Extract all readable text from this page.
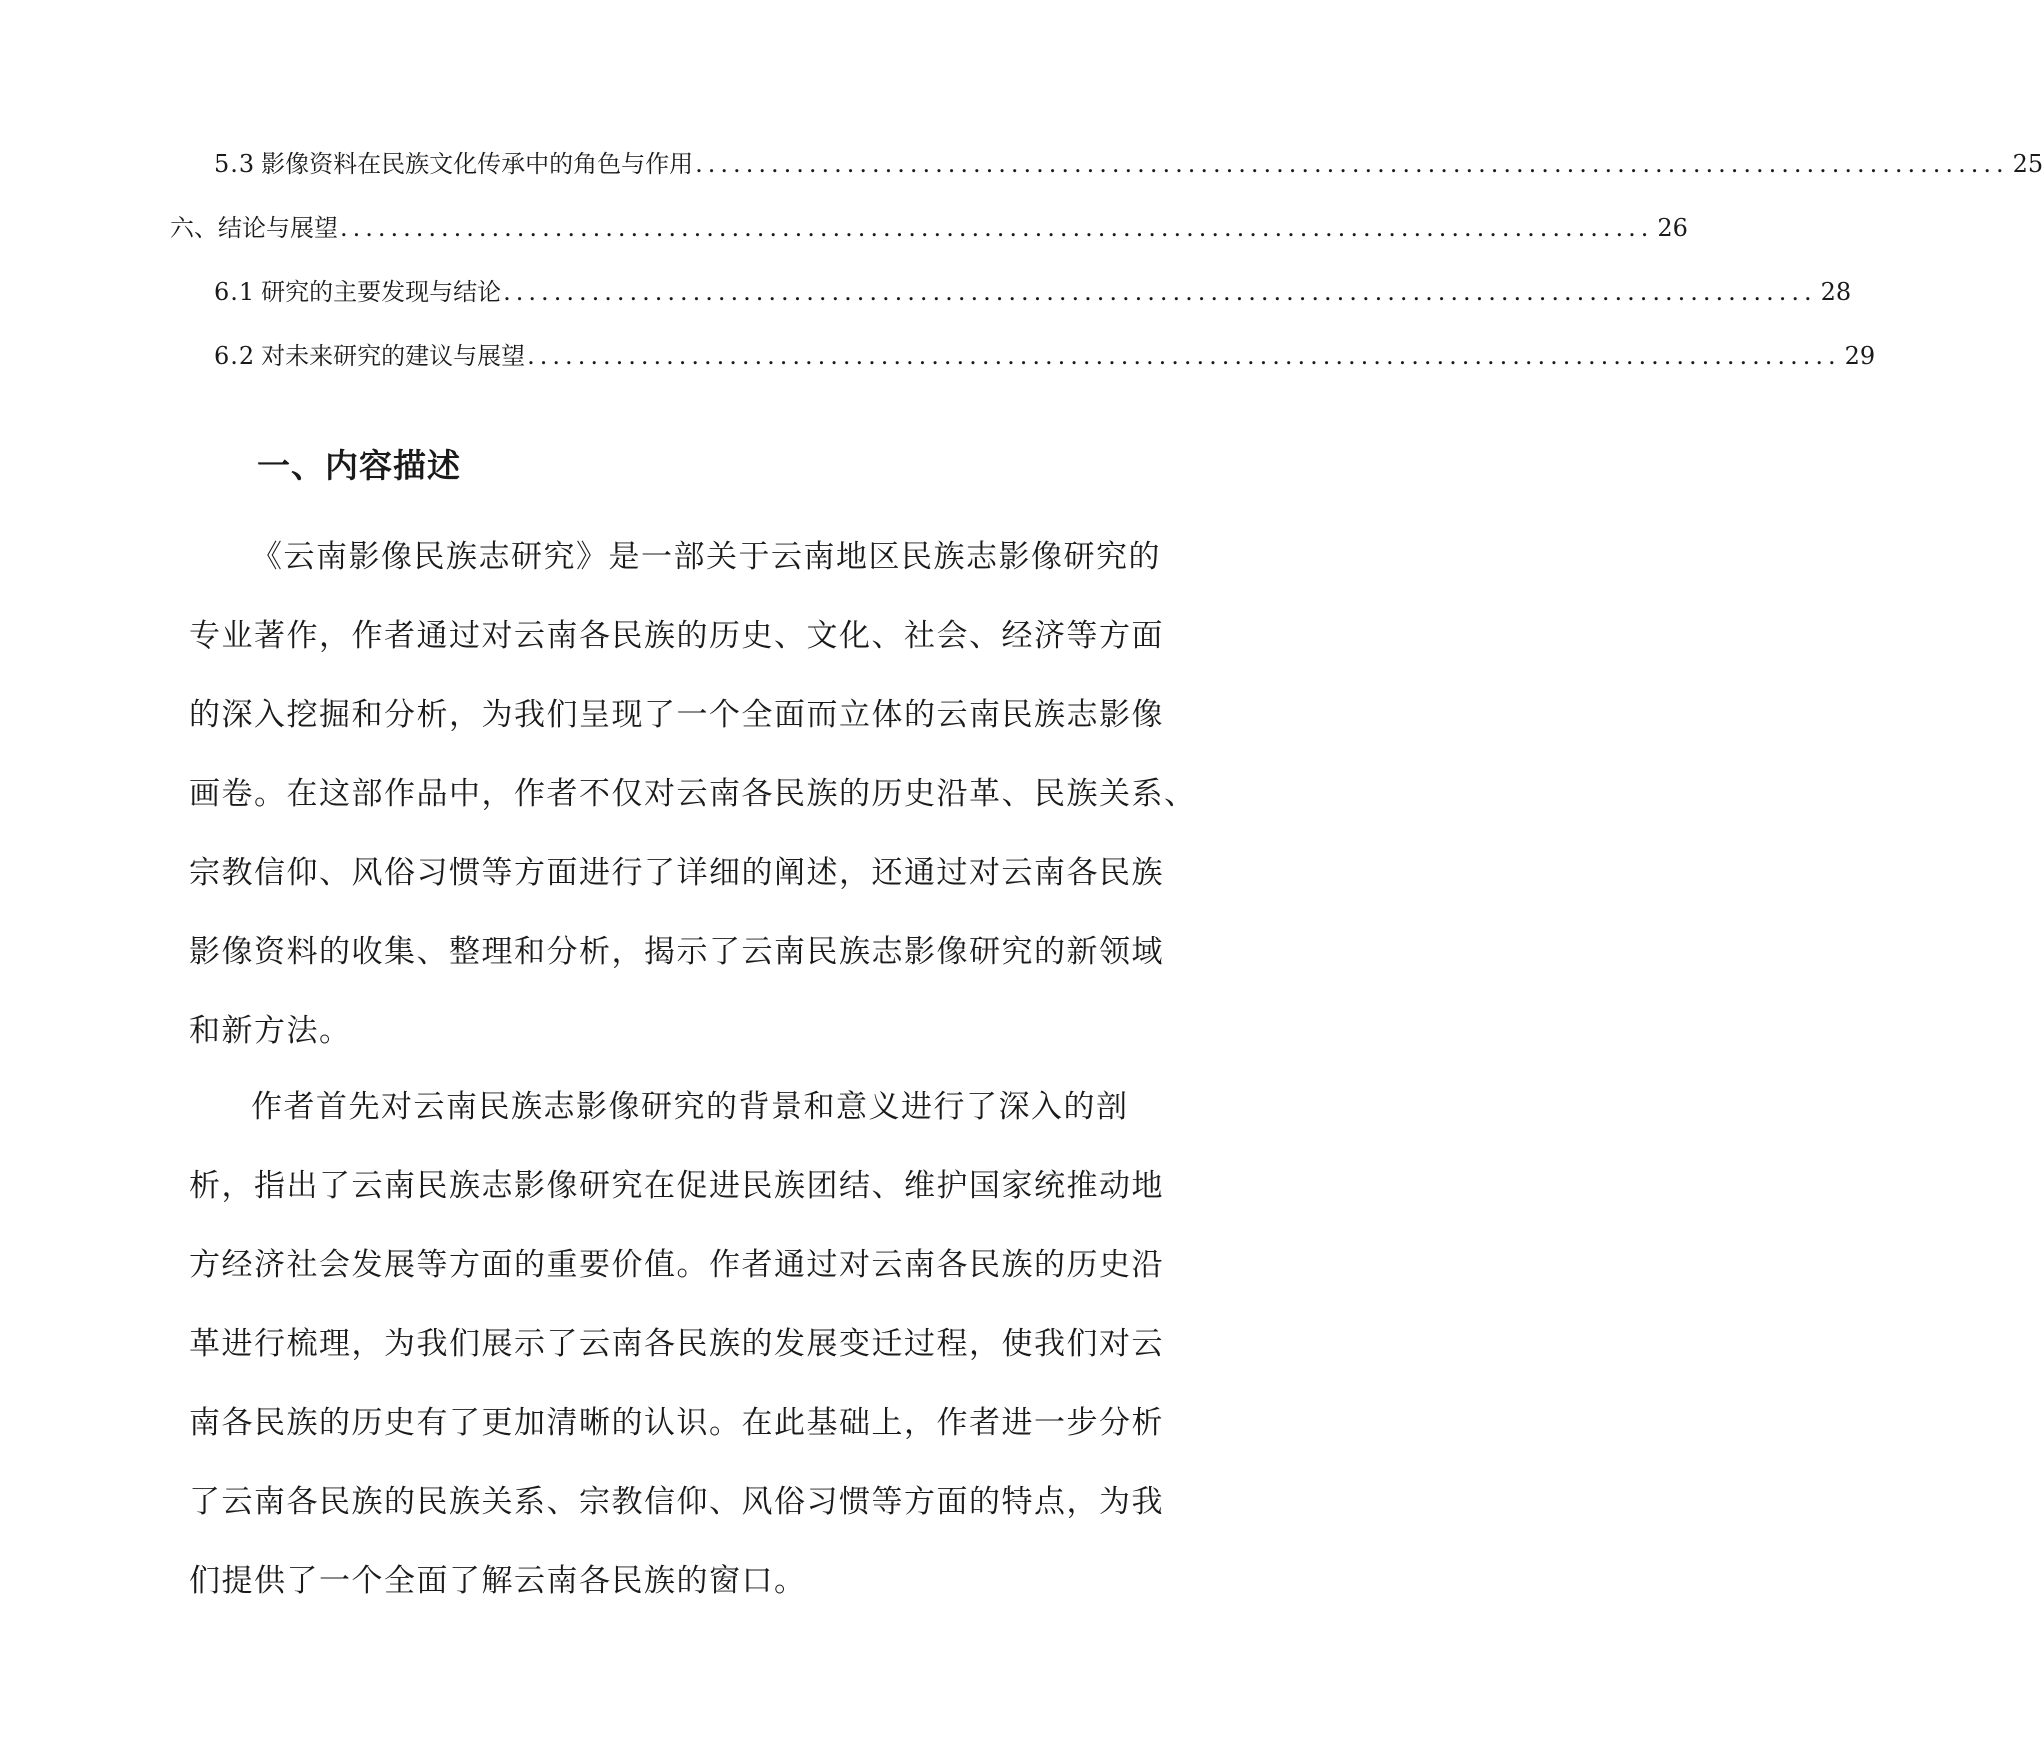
5.3 影像资料在民族文化传承中的角色与作用 ........................................................................................................ 25
六、结论与展望 ........................................................................................................ 26
6.1 研究的主要发现与结论 ........................................................................................................ 28
6.2 对未来研究的建议与展望 ........................................................................................................ 29
一、内容描述

《云南影像民族志研究》是一部关于云南地区民族志影像研究的
专业著作，作者通过对云南各民族的历史、文化、社会、经济等方面
的深入挖掘和分析，为我们呈现了一个全面而立体的云南民族志影像
画卷。在这部作品中，作者不仅对云南各民族的历史沿革、民族关系、
宗教信仰、风俗习惯等方面进行了详细的阐述，还通过对云南各民族
影像资料的收集、整理和分析，揭示了云南民族志影像研究的新领域
和新方法。

作者首先对云南民族志影像研究的背景和意义进行了深入的剖
析，指出了云南民族志影像研究在促进民族团结、维护国家统推动地
方经济社会发展等方面的重要价值。作者通过对云南各民族的历史沿
革进行梳理，为我们展示了云南各民族的发展变迁过程，使我们对云
南各民族的历史有了更加清晰的认识。在此基础上，作者进一步分析
了云南各民族的民族关系、宗教信仰、风俗习惯等方面的特点，为我
们提供了一个全面了解云南各民族的窗口。
